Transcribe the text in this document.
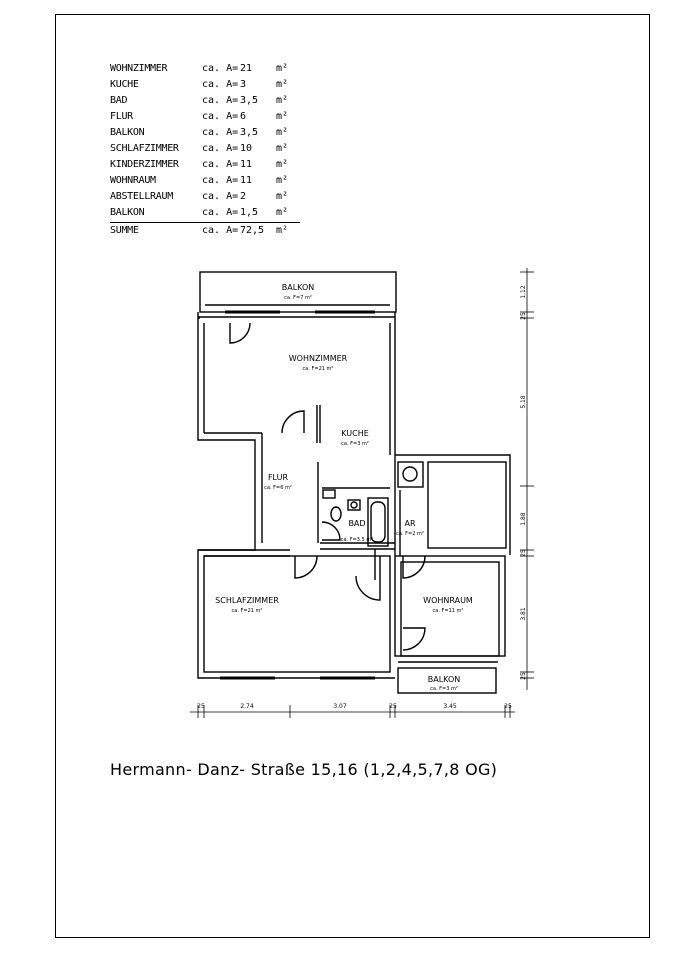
WOHNZIMMER	ca. A= 21	m²
KUCHE	ca. A= 3	m²
BAD	ca. A= 3,5	m²
FLUR	ca. A= 6	m²
BALKON	ca. A= 3,5	m²
SCHLAFZIMMER	ca. A= 10	m²
KINDERZIMMER	ca. A= 11	m²
WOHNRAUM	ca. A= 11	m²
ABSTELLRAUM	ca. A= 2	m²
BALKON	ca. A= 1,5	m²
SUMME	ca. A= 72,5	m²
BALKON
ca. F=7 m²
WOHNZIMMER
ca. F=21 m²
KUCHE
ca. F=3 m²
FLUR
ca. F=6 m²
BAD
ca. F=3.5 m²
AR
ca. F=2 m²
SCHLAFZIMMER
ca. F=21 m²
WOHNRAUM
ca. F=11 m²
BALKON
ca. F=3 m²
25	2.74	3.07	25	3.45	25
1.12
25
5.18
1.88
25
3.81
25
Hermann- Danz- Straße 15,16 (1,2,4,5,7,8 OG)
